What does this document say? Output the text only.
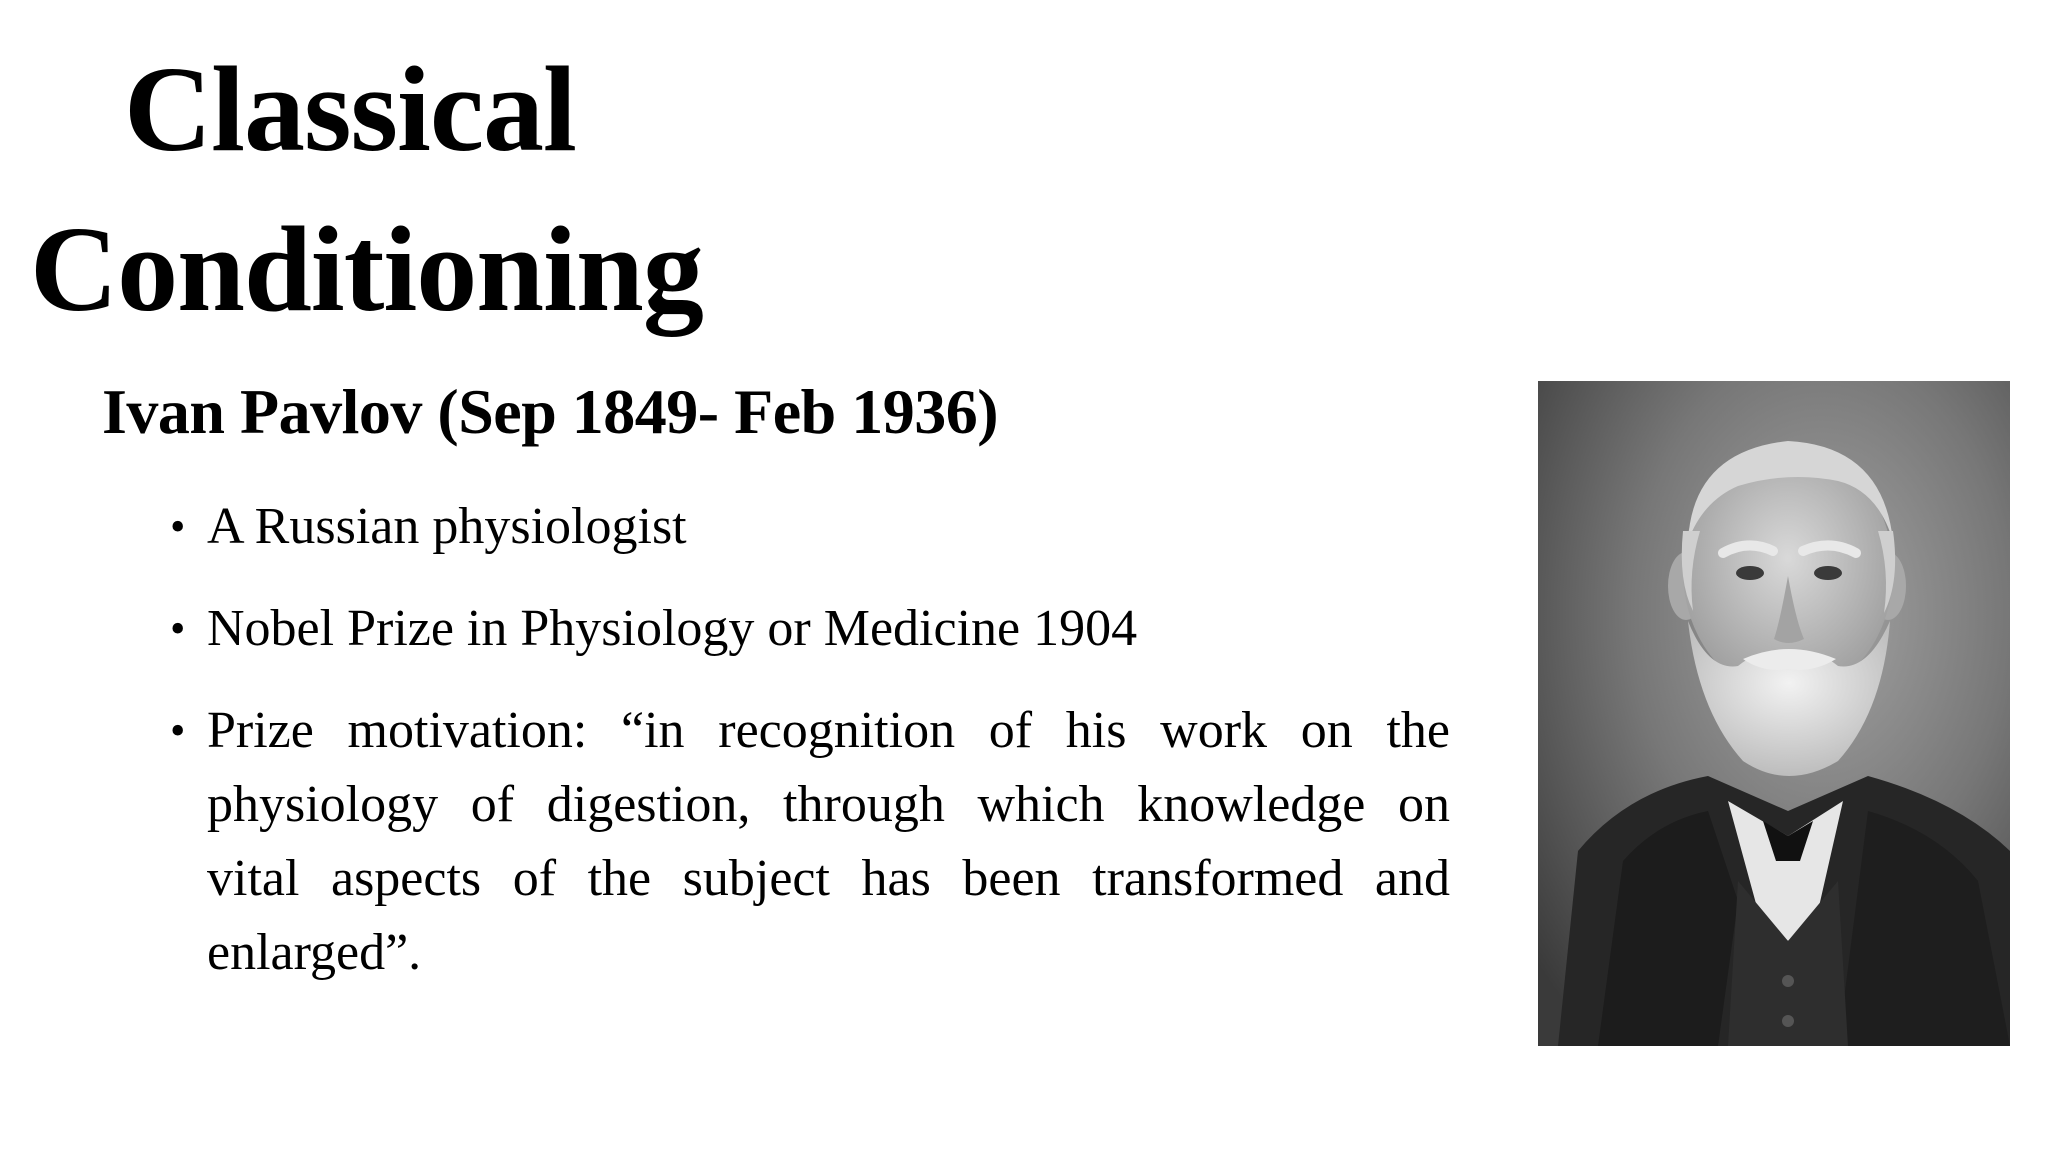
Classical
Conditioning
Ivan Pavlov (Sep 1849- Feb 1936)
• A Russian physiologist
• Nobel Prize in Physiology or Medicine 1904
• Prize motivation: “in recognition of his work on the physiology of digestion, through which knowledge on vital aspects of the subject has been transformed and enlarged”.
